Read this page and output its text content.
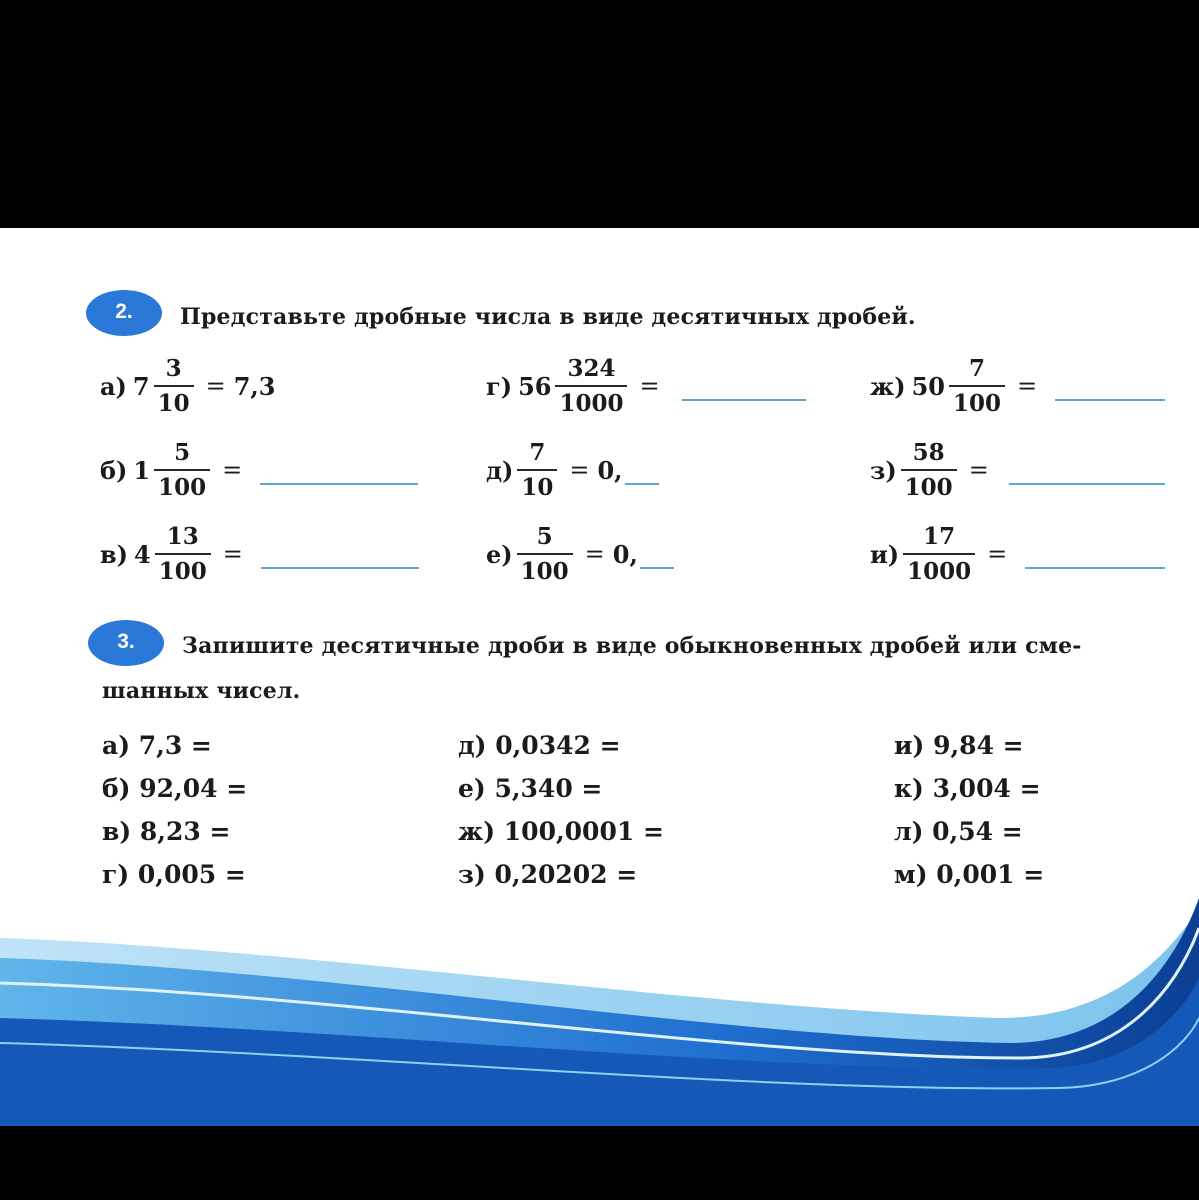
2.	Представьте дробные числа в виде десятичных дробей.
а) $7 \frac{3}{10} = 7,3$
б) $1 \frac{5}{100}$ =
в) $4 \frac{13}{100}$ =
г) $56 \frac{324}{1000}$ =
$д) \frac{7}{10} = 0$,
$е) \frac{5}{100} = 0$,
ж) $50 \frac{7}{100}$ =
$з) \frac{58}{100}$ =
$и) \frac{17}{1000}$ =
3.	Запишите десятичные дроби в виде обыкновенных дробей или сме-
шанных чисел.
а) 7,3 =
б) 92,04 =
в) 8,23 =
г) 0,005 =
д) 0,0342 =
е) 5,340 =
ж) 100,0001 =
з) 0,20202 =
и) 9,84 =
к) 3,004 =
л) 0,54 =
м) 0,001 =
